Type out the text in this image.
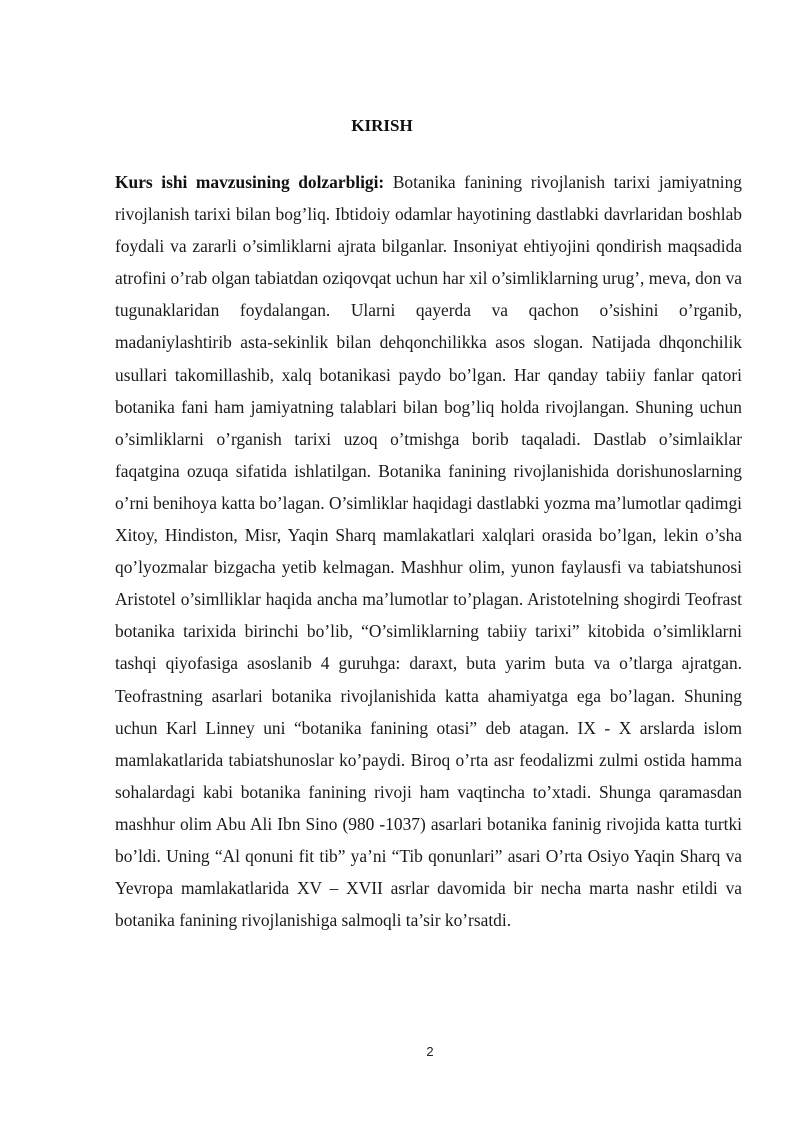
KIRISH

Kurs ishi mavzusining dolzarbligi: Botanika fanining rivojlanish tarixi jamiyatning rivojlanish tarixi bilan bog’liq. Ibtidoiy odamlar hayotining dastlabki davrlaridan boshlab foydali va zararli o’simliklarni ajrata bilganlar. Insoniyat ehtiyojini qondirish maqsadida atrofini o’rab olgan tabiatdan oziqovqat uchun har xil o’simliklarning urug’, meva, don va tugunaklaridan foydalangan. Ularni qayerda va qachon o’sishini o’rganib, madaniylashtirib asta-sekinlik bilan dehqonchilikka asos slogan. Natijada dhqonchilik usullari takomillashib, xalq botanikasi paydo bo’lgan. Har qanday tabiiy fanlar qatori botanika fani ham jamiyatning talablari bilan bog’liq holda rivojlangan. Shuning uchun o’simliklarni o’rganish tarixi uzoq o’tmishga borib taqaladi. Dastlab o’simlaiklar faqatgina ozuqa sifatida ishlatilgan. Botanika fanining rivojlanishida dorishunoslarning o’rni benihoya katta bo’lagan. O’simliklar haqidagi dastlabki yozma ma’lumotlar qadimgi Xitoy, Hindiston, Misr, Yaqin Sharq mamlakatlari xalqlari orasida bo’lgan, lekin o’sha qo’lyozmalar bizgacha yetib kelmagan. Mashhur olim, yunon faylausfi va tabiatshunosi Aristotel o’simlliklar haqida ancha ma’lumotlar to’plagan. Aristotelning shogirdi Teofrast botanika tarixida birinchi bo’lib, “O’simliklarning tabiiy tarixi” kitobida o’simliklarni tashqi qiyofasiga asoslanib 4 guruhga: daraxt, buta yarim buta va o’tlarga ajratgan. Teofrastning asarlari botanika rivojlanishida katta ahamiyatga ega bo’lagan. Shuning uchun Karl Linney uni “botanika fanining otasi” deb atagan. IX - X arslarda islom mamlakatlarida tabiatshunoslar ko’paydi. Biroq o’rta asr feodalizmi zulmi ostida hamma sohalardagi kabi botanika fanining rivoji ham vaqtincha to’xtadi. Shunga qaramasdan mashhur olim Abu Ali Ibn Sino (980 -1037) asarlari botanika faninig rivojida katta turtki bo’ldi. Uning “Al qonuni fit tib” ya’ni “Tib qonunlari” asari O’rta Osiyo Yaqin Sharq va Yevropa mamlakatlarida XV – XVII asrlar davomida bir necha marta nashr etildi va botanika fanining rivojlanishiga salmoqli ta’sir ko’rsatdi.

2
